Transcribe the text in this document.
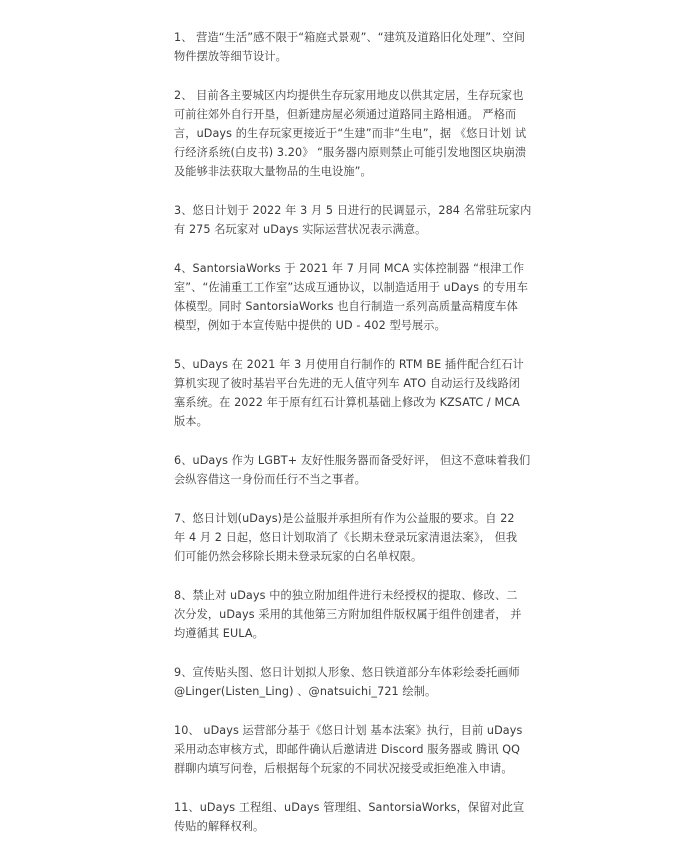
1、 营造“生活”感不限于“箱庭式景观”、“建筑及道路旧化处理”、空间
物件摆放等细节设计。
2、 目前各主要城区内均提供生存玩家用地皮以供其定居，生存玩家也
可前往郊外自行开垦，但新建房屋必须通过道路同主路相通。 严格而
言，uDays 的生存玩家更接近于“生建”而非“生电”，据 《悠日计划 试
行经济系统(白皮书) 3.20》 “服务器内原则禁止可能引发地图区块崩溃
及能够非法获取大量物品的生电设施”。
3、悠日计划于 2022 年 3 月 5 日进行的民调显示，284 名常驻玩家内
有 275 名玩家对 uDays 实际运营状况表示满意。
4、SantorsiaWorks 于 2021 年 7 月同 MCA 实体控制器 “根津工作
室”、“佐浦重工工作室”达成互通协议，以制造适用于 uDays 的专用车
体模型。同时 SantorsiaWorks 也自行制造一系列高质量高精度车体
模型，例如于本宣传贴中提供的 UD - 402 型号展示。
5、uDays 在 2021 年 3 月使用自行制作的 RTM BE 插件配合红石计
算机实现了彼时基岩平台先进的无人值守列车 ATO 自动运行及线路闭
塞系统。在 2022 年于原有红石计算机基础上修改为 KZSATC / MCA
版本。
6、uDays 作为 LGBT+ 友好性服务器而备受好评， 但这不意味着我们
会纵容借这一身份而任行不当之事者。
7、悠日计划(uDays)是公益服并承担所有作为公益服的要求。自 22
年 4 月 2 日起，悠日计划取消了《长期未登录玩家清退法案》， 但我
们可能仍然会移除长期未登录玩家的白名单权限。
8、禁止对 uDays 中的独立附加组件进行未经授权的提取、修改、二
次分发，uDays 采用的其他第三方附加组件版权属于组件创建者， 并
均遵循其 EULA。
9、宣传贴头图、悠日计划拟人形象、悠日铁道部分车体彩绘委托画师
@Linger(Listen_Ling) 、@natsuichi_721 绘制。
10、 uDays 运营部分基于《悠日计划 基本法案》执行，目前 uDays
采用动态审核方式，即邮件确认后邀请进 Discord 服务器或 腾讯 QQ
群聊内填写问卷，后根据每个玩家的不同状况接受或拒绝准入申请。
11、uDays 工程组、uDays 管理组、SantorsiaWorks，保留对此宣
传贴的解释权利。
